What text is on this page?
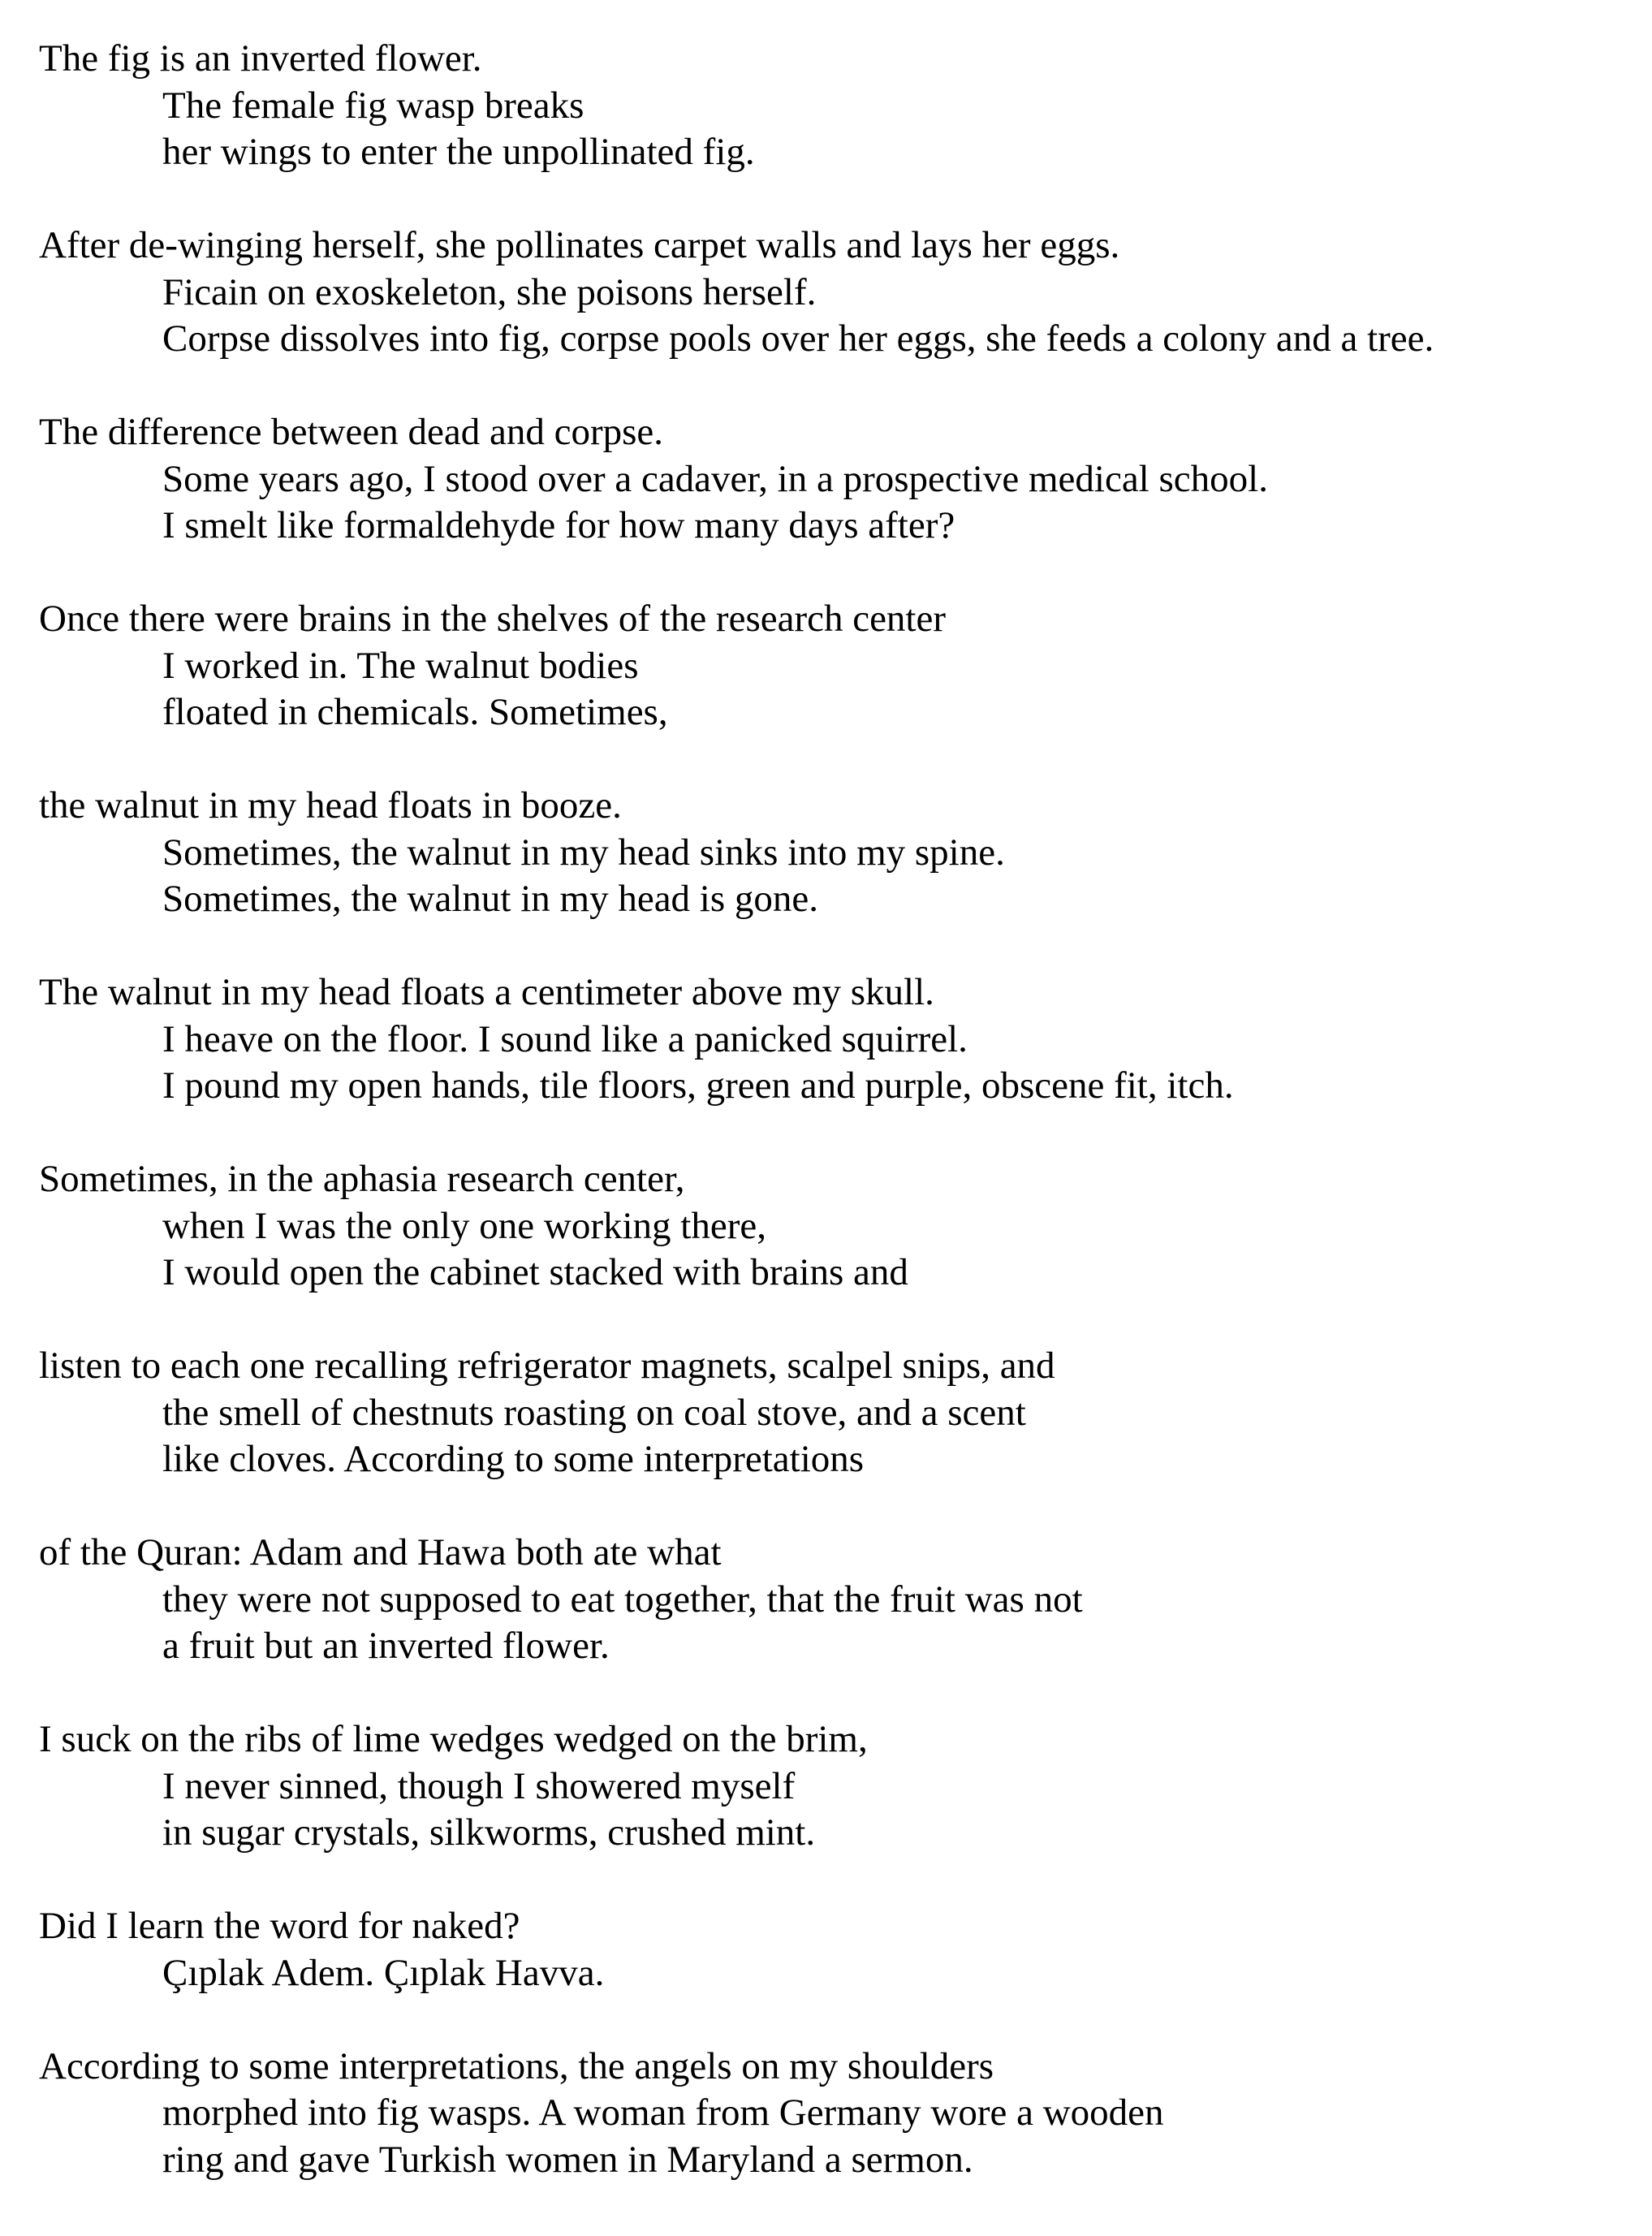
The fig is an inverted flower.
The female fig wasp breaks
her wings to enter the unpollinated fig.
After de-winging herself, she pollinates carpet walls and lays her eggs.
Ficain on exoskeleton, she poisons herself.
Corpse dissolves into fig, corpse pools over her eggs, she feeds a colony and a tree.
The difference between dead and corpse.
Some years ago, I stood over a cadaver, in a prospective medical school.
I smelt like formaldehyde for how many days after?
Once there were brains in the shelves of the research center
I worked in. The walnut bodies
floated in chemicals. Sometimes,
the walnut in my head floats in booze.
Sometimes, the walnut in my head sinks into my spine.
Sometimes, the walnut in my head is gone.
The walnut in my head floats a centimeter above my skull.
I heave on the floor. I sound like a panicked squirrel.
I pound my open hands, tile floors, green and purple, obscene fit, itch.
Sometimes, in the aphasia research center,
when I was the only one working there,
I would open the cabinet stacked with brains and
listen to each one recalling refrigerator magnets, scalpel snips, and
the smell of chestnuts roasting on coal stove, and a scent
like cloves. According to some interpretations
of the Quran: Adam and Hawa both ate what
they were not supposed to eat together, that the fruit was not
a fruit but an inverted flower.
I suck on the ribs of lime wedges wedged on the brim,
I never sinned, though I showered myself
in sugar crystals, silkworms, crushed mint.
Did I learn the word for naked?
Çıplak Adem. Çıplak Havva.
According to some interpretations, the angels on my shoulders
morphed into fig wasps. A woman from Germany wore a wooden
ring and gave Turkish women in Maryland a sermon.
